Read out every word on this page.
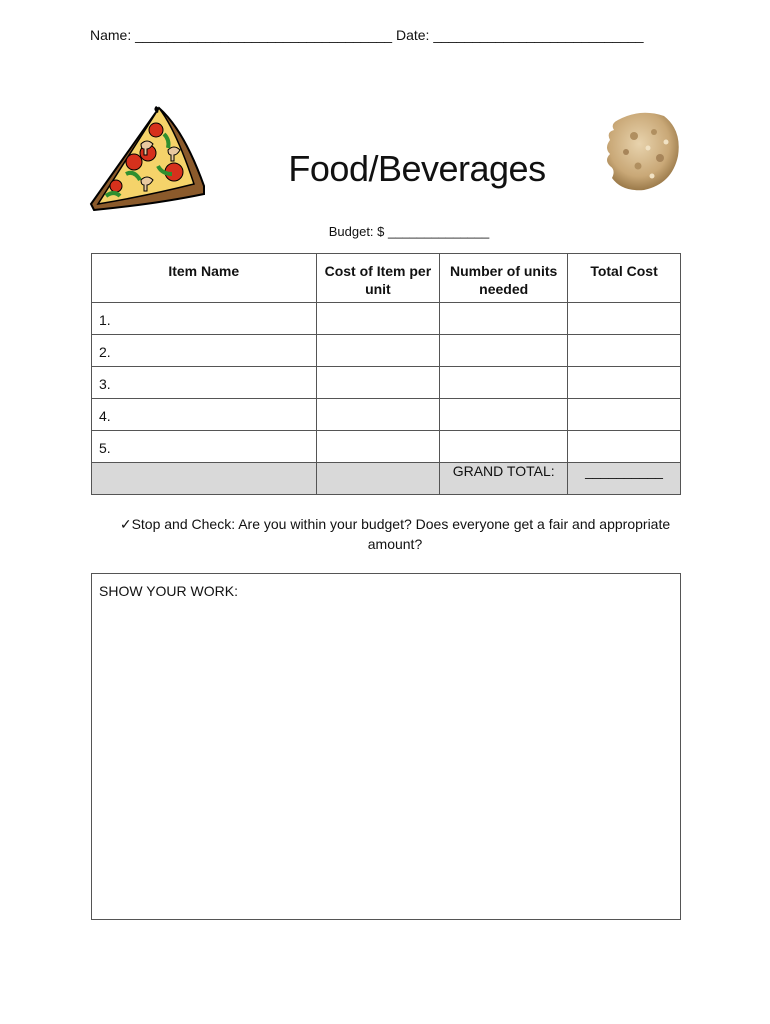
Name: _________________________________ Date: ___________________________
Food/Beverages
Budget: $ ______________
Item Name	Cost of Item per unit	Number of units needed	Total Cost
1.			
2.			
3.			
4.			
5.			
		GRAND TOTAL:	__________
✓Stop and Check: Are you within your budget? Does everyone get a fair and appropriate amount?
SHOW YOUR WORK:
